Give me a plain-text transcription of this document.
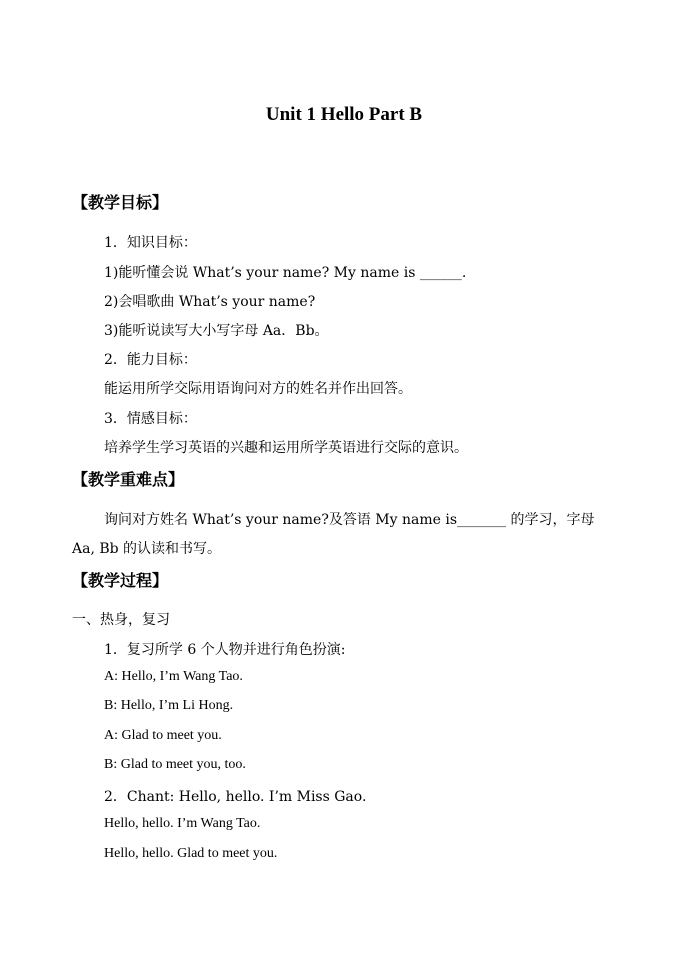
Unit 1 Hello Part B
【教学目标】
1．知识目标：
1)能听懂会说 What’s your name? My name is ______.
2)会唱歌曲 What’s your name?
3)能听说读写大小写字母 Aa．Bb。
2．能力目标：
能运用所学交际用语询问对方的姓名并作出回答。
3．情感目标：
培养学生学习英语的兴趣和运用所学英语进行交际的意识。
【教学重难点】
询问对方姓名 What’s your name?及答语 My name is_______ 的学习，字母
Aa, Bb 的认读和书写。
【教学过程】
一、热身，复习
1．复习所学 6 个人物并进行角色扮演:
A: Hello, I’m Wang Tao.
B: Hello, I’m Li Hong.
A: Glad to meet you.
B: Glad to meet you, too.
2．Chant: Hello, hello. I’m Miss Gao.
Hello, hello. I’m Wang Tao.
Hello, hello. Glad to meet you.
